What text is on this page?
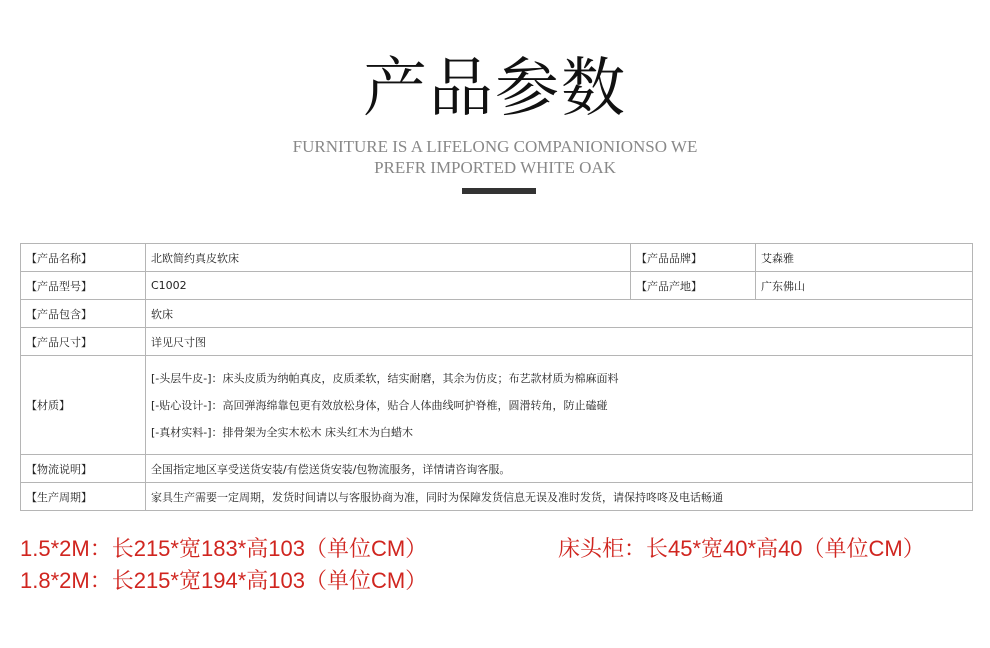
产品参数
FURNITURE IS A LIFELONG COMPANIONIONSO WE
PREFR IMPORTED WHITE OAK
【产品名称】	北欧简约真皮软床	【产品品牌】	艾森雅
【产品型号】	C1002	【产品产地】	广东佛山
【产品包含】	软床		
【产品尺寸】	详见尺寸图		
【材质】	[-头层牛皮-]：床头皮质为纳帕真皮，皮质柔软，结实耐磨，其余为仿皮；布艺款材质为棉麻面料
[-贴心设计-]：高回弹海绵靠包更有效放松身体，贴合人体曲线呵护脊椎，圆滑转角，防止磕碰
[-真材实料-]：排骨架为全实木松木 床头红木为白蜡木		

【物流说明】	全国指定地区享受送货安装/有偿送货安装/包物流服务，详情请咨询客服。		
【生产周期】	家具生产需要一定周期，发货时间请以与客服协商为准，同时为保障发货信息无误及准时发货，请保持咚咚及电话畅通		
1.5*2M：长215*宽183*高103（单位CM）	床头柜：长45*宽40*高40（单位CM）
1.8*2M：长215*宽194*高103（单位CM）
